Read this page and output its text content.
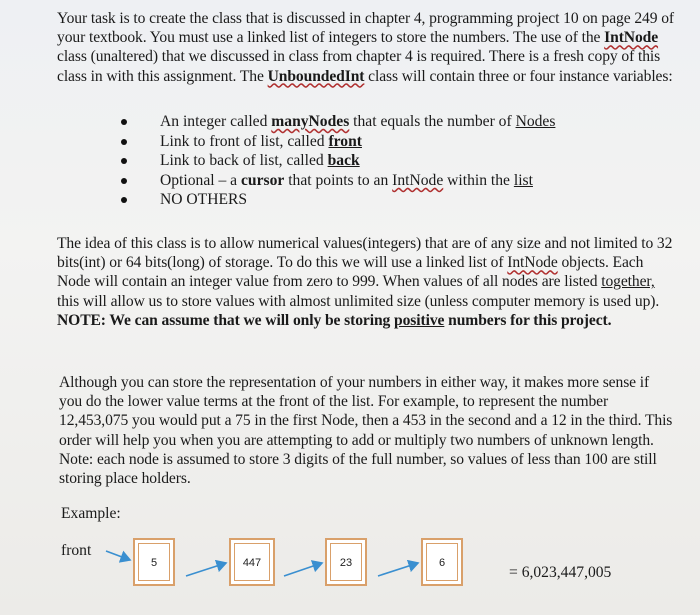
Your task is to create the class that is discussed in chapter 4, programming project 10 on page 249 of your textbook. You must use a linked list of integers to store the numbers. The use of the IntNode class (unaltered) that we discussed in class from chapter 4 is required. There is a fresh copy of this class in with this assignment. The UnboundedInt class will contain three or four instance variables:

An integer called manyNodes that equals the number of Nodes
Link to front of list, called front
Link to back of list, called back
Optional – a cursor that points to an IntNode within the list
NO OTHERS

The idea of this class is to allow numerical values(integers) that are of any size and not limited to 32 bits(int) or 64 bits(long) of storage. To do this we will use a linked list of IntNode objects. Each Node will contain an integer value from zero to 999. When values of all nodes are listed together, this will allow us to store values with almost unlimited size (unless computer memory is used up). NOTE: We can assume that we will only be storing positive numbers for this project.

Although you can store the representation of your numbers in either way, it makes more sense if you do the lower value terms at the front of the list. For example, to represent the number 12,453,075 you would put a 75 in the first Node, then a 453 in the second and a 12 in the third. This order will help you when you are attempting to add or multiply two numbers of unknown length. Note: each node is assumed to store 3 digits of the full number, so values of less than 100 are still storing place holders.

Example:
front
5	447	23	6
= 6,023,447,005
